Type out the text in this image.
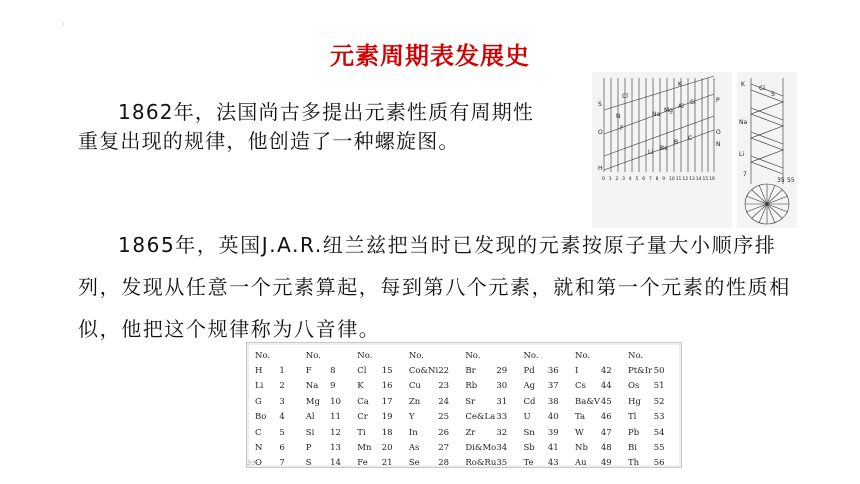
·
元素周期表发展史
1862年，法国尚古多提出元素性质有周期性重复出现的规律，他创造了一种螺旋图。
S
O
H
P
O
N
K
Cl
N
F
Na
Mg
Al
Si
Li
Be
B
C
0 1 2 3 4 5 6 7 8 9 10 11 12 13 14 15 16
K
Cl
S
Na
Li
7
35 55
1865年，英国J.A.R.纽兰兹把当时已发现的元素按原子量大小顺序排列，发现从任意一个元素算起，每到第八个元素，就和第一个元素的性质相似，他把这个规律称为八音律。
No.		No.		No.		No.		No.		No.		No.		No.	
H	1	F	8	Cl	15	Co&Ni	22	Br	29	Pd	36	I	42	Pt&Ir	50
Li	2	Na	9	K	16	Cu	23	Rb	30	Ag	37	Cs	44	Os	51
G	3	Mg	10	Ca	17	Zn	24	Sr	31	Cd	38	Ba&V	45	Hg	52
Bo	4	Al	11	Cr	19	Y	25	Ce&La	33	U	40	Ta	46	Tl	53
C	5	Si	12	Ti	18	In	26	Zr	32	Sn	39	W	47	Pb	54
N	6	P	13	Mn	20	As	27	Di&Mo	34	Sb	41	Nb	48	Bi	55
O	7	S	14	Fe	21	Se	28	Ro&Ru	35	Te	43	Au	49	Th	56
ЭЭ
